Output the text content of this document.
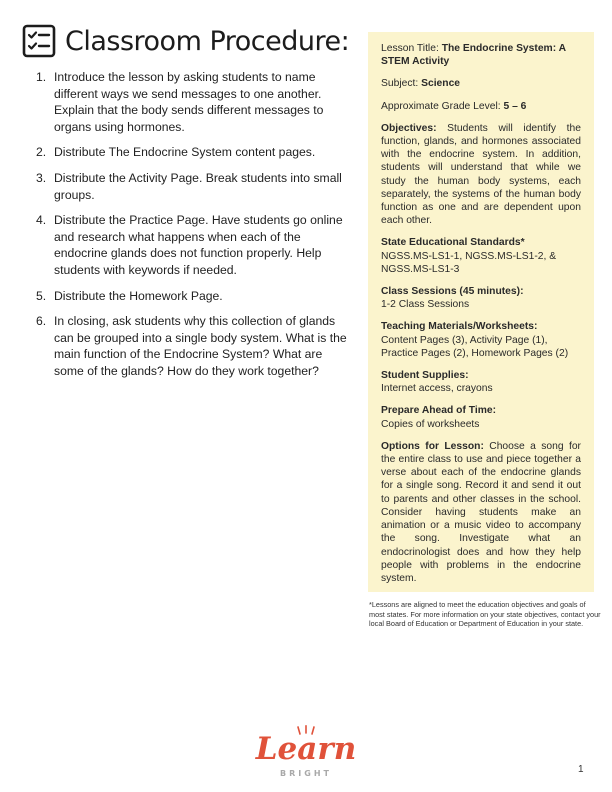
Classroom Procedure:
1. Introduce the lesson by asking students to name different ways we send messages to one another. Explain that the body sends different messages to organs using hormones.
2. Distribute The Endocrine System content pages.
3. Distribute the Activity Page. Break students into small groups.
4. Distribute the Practice Page. Have students go online and research what happens when each of the endocrine glands does not function properly. Help students with keywords if needed.
5. Distribute the Homework Page.
6. In closing, ask students why this collection of glands can be grouped into a single body system. What is the main function of the Endocrine System? What are some of the glands? How do they work together?
Lesson Title: The Endocrine System: A STEM Activity
Subject: Science
Approximate Grade Level: 5 – 6
Objectives: Students will identify the function, glands, and hormones associated with the endocrine system. In addition, students will understand that while we study the human body systems, each separately, the systems of the human body function as one and are dependent upon each other.
State Educational Standards*
NGSS.MS-LS1-1, NGSS.MS-LS1-2, & NGSS.MS-LS1-3
Class Sessions (45 minutes):
1-2 Class Sessions
Teaching Materials/Worksheets:
Content Pages (3), Activity Page (1), Practice Pages (2), Homework Pages (2)
Student Supplies:
Internet access, crayons
Prepare Ahead of Time:
Copies of worksheets
Options for Lesson: Choose a song for the entire class to use and piece together a verse about each of the endocrine glands for a single song. Record it and send it out to parents and other classes in the school. Consider having students make an animation or a music video to accompany the song. Investigate what an endocrinologist does and how they help people with problems in the endocrine system.
*Lessons are aligned to meet the education objectives and goals of most states. For more information on your state objectives, contact your local Board of Education or Department of Education in your state.
Learn
BRIGHT	1
